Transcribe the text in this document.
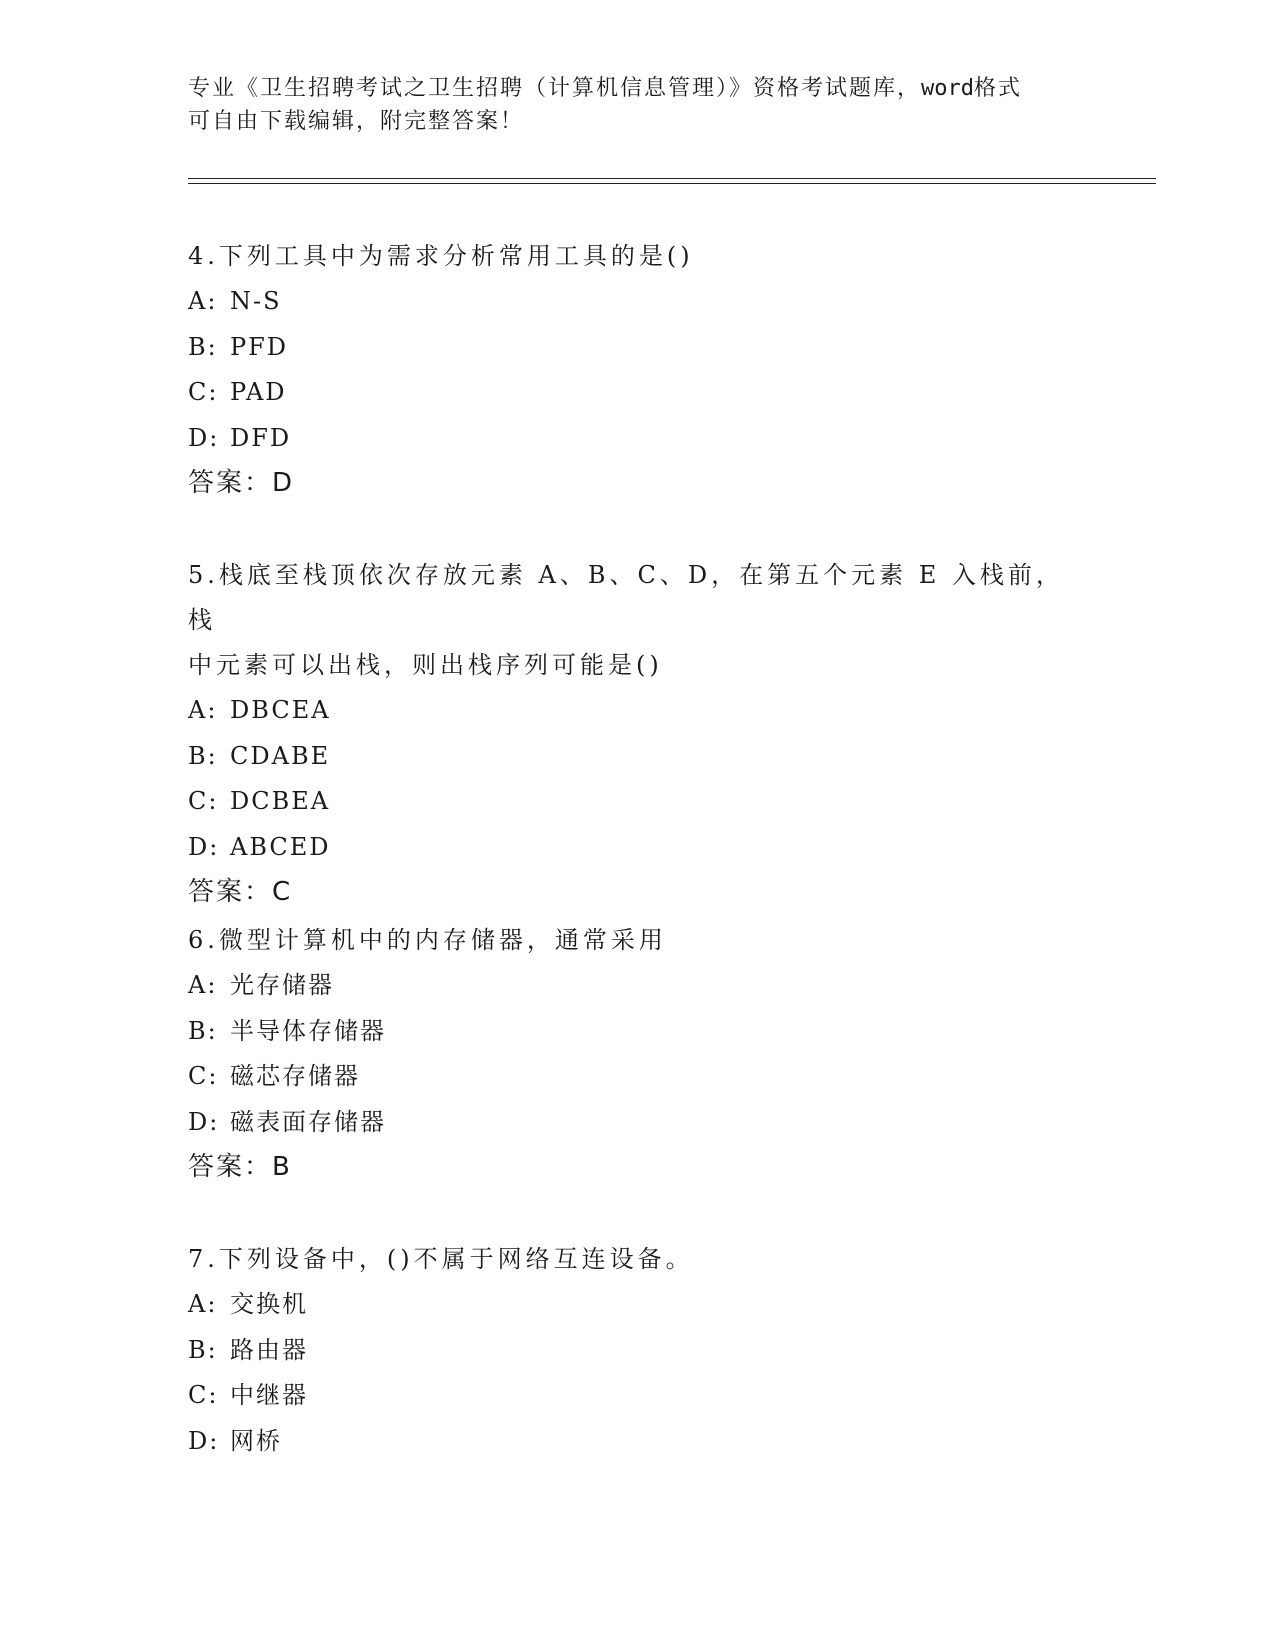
专业《卫生招聘考试之卫生招聘（计算机信息管理）》资格考试题库，word格式
可自由下载编辑，附完整答案！

4.下列工具中为需求分析常用工具的是()

A: N-S

B: PFD

C: PAD

D: DFD

答案：D

5.栈底至栈顶依次存放元素 A、B、C、D，在第五个元素 E 入栈前，栈

中元素可以出栈，则出栈序列可能是()

A: DBCEA

B: CDABE

C: DCBEA

D: ABCED

答案：C

6.微型计算机中的内存储器，通常采用

A: 光存储器

B: 半导体存储器

C: 磁芯存储器

D: 磁表面存储器

答案：B

7.下列设备中，()不属于网络互连设备。

A: 交换机

B: 路由器

C: 中继器

D: 网桥
